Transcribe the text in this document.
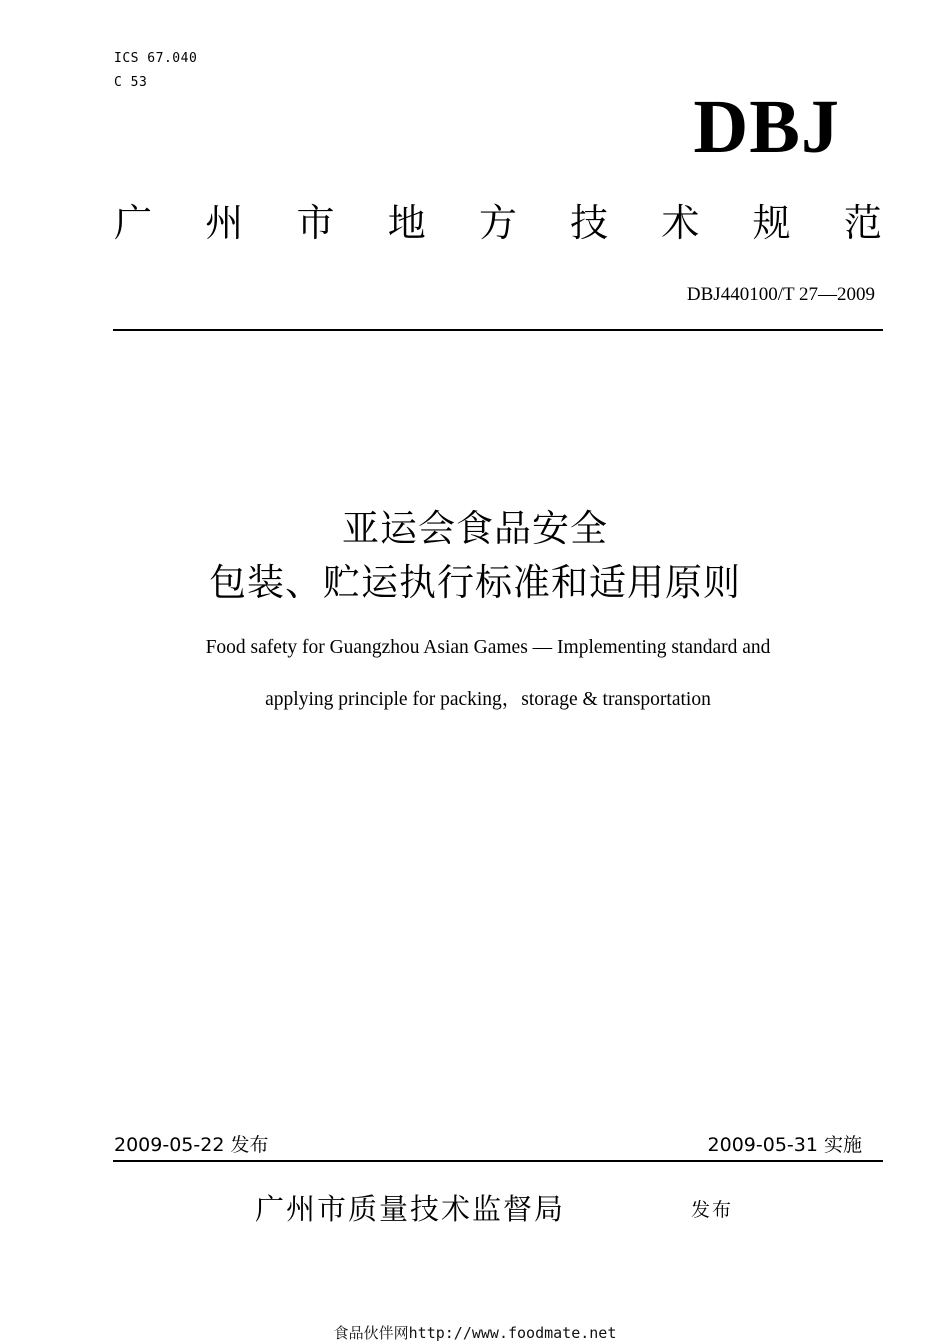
ICS 67.040
C 53
DBJ
广 州 市 地 方 技 术 规 范
DBJ440100/T 27—2009
亚运会食品安全
包装、贮运执行标准和适用原则
Food safety for Guangzhou Asian Games — Implementing standard and
applying principle for packing，storage & transportation
2009-05-22 发布	2009-05-31 实施
广州市质量技术监督局	发布
食品伙伴网http://www.foodmate.net
